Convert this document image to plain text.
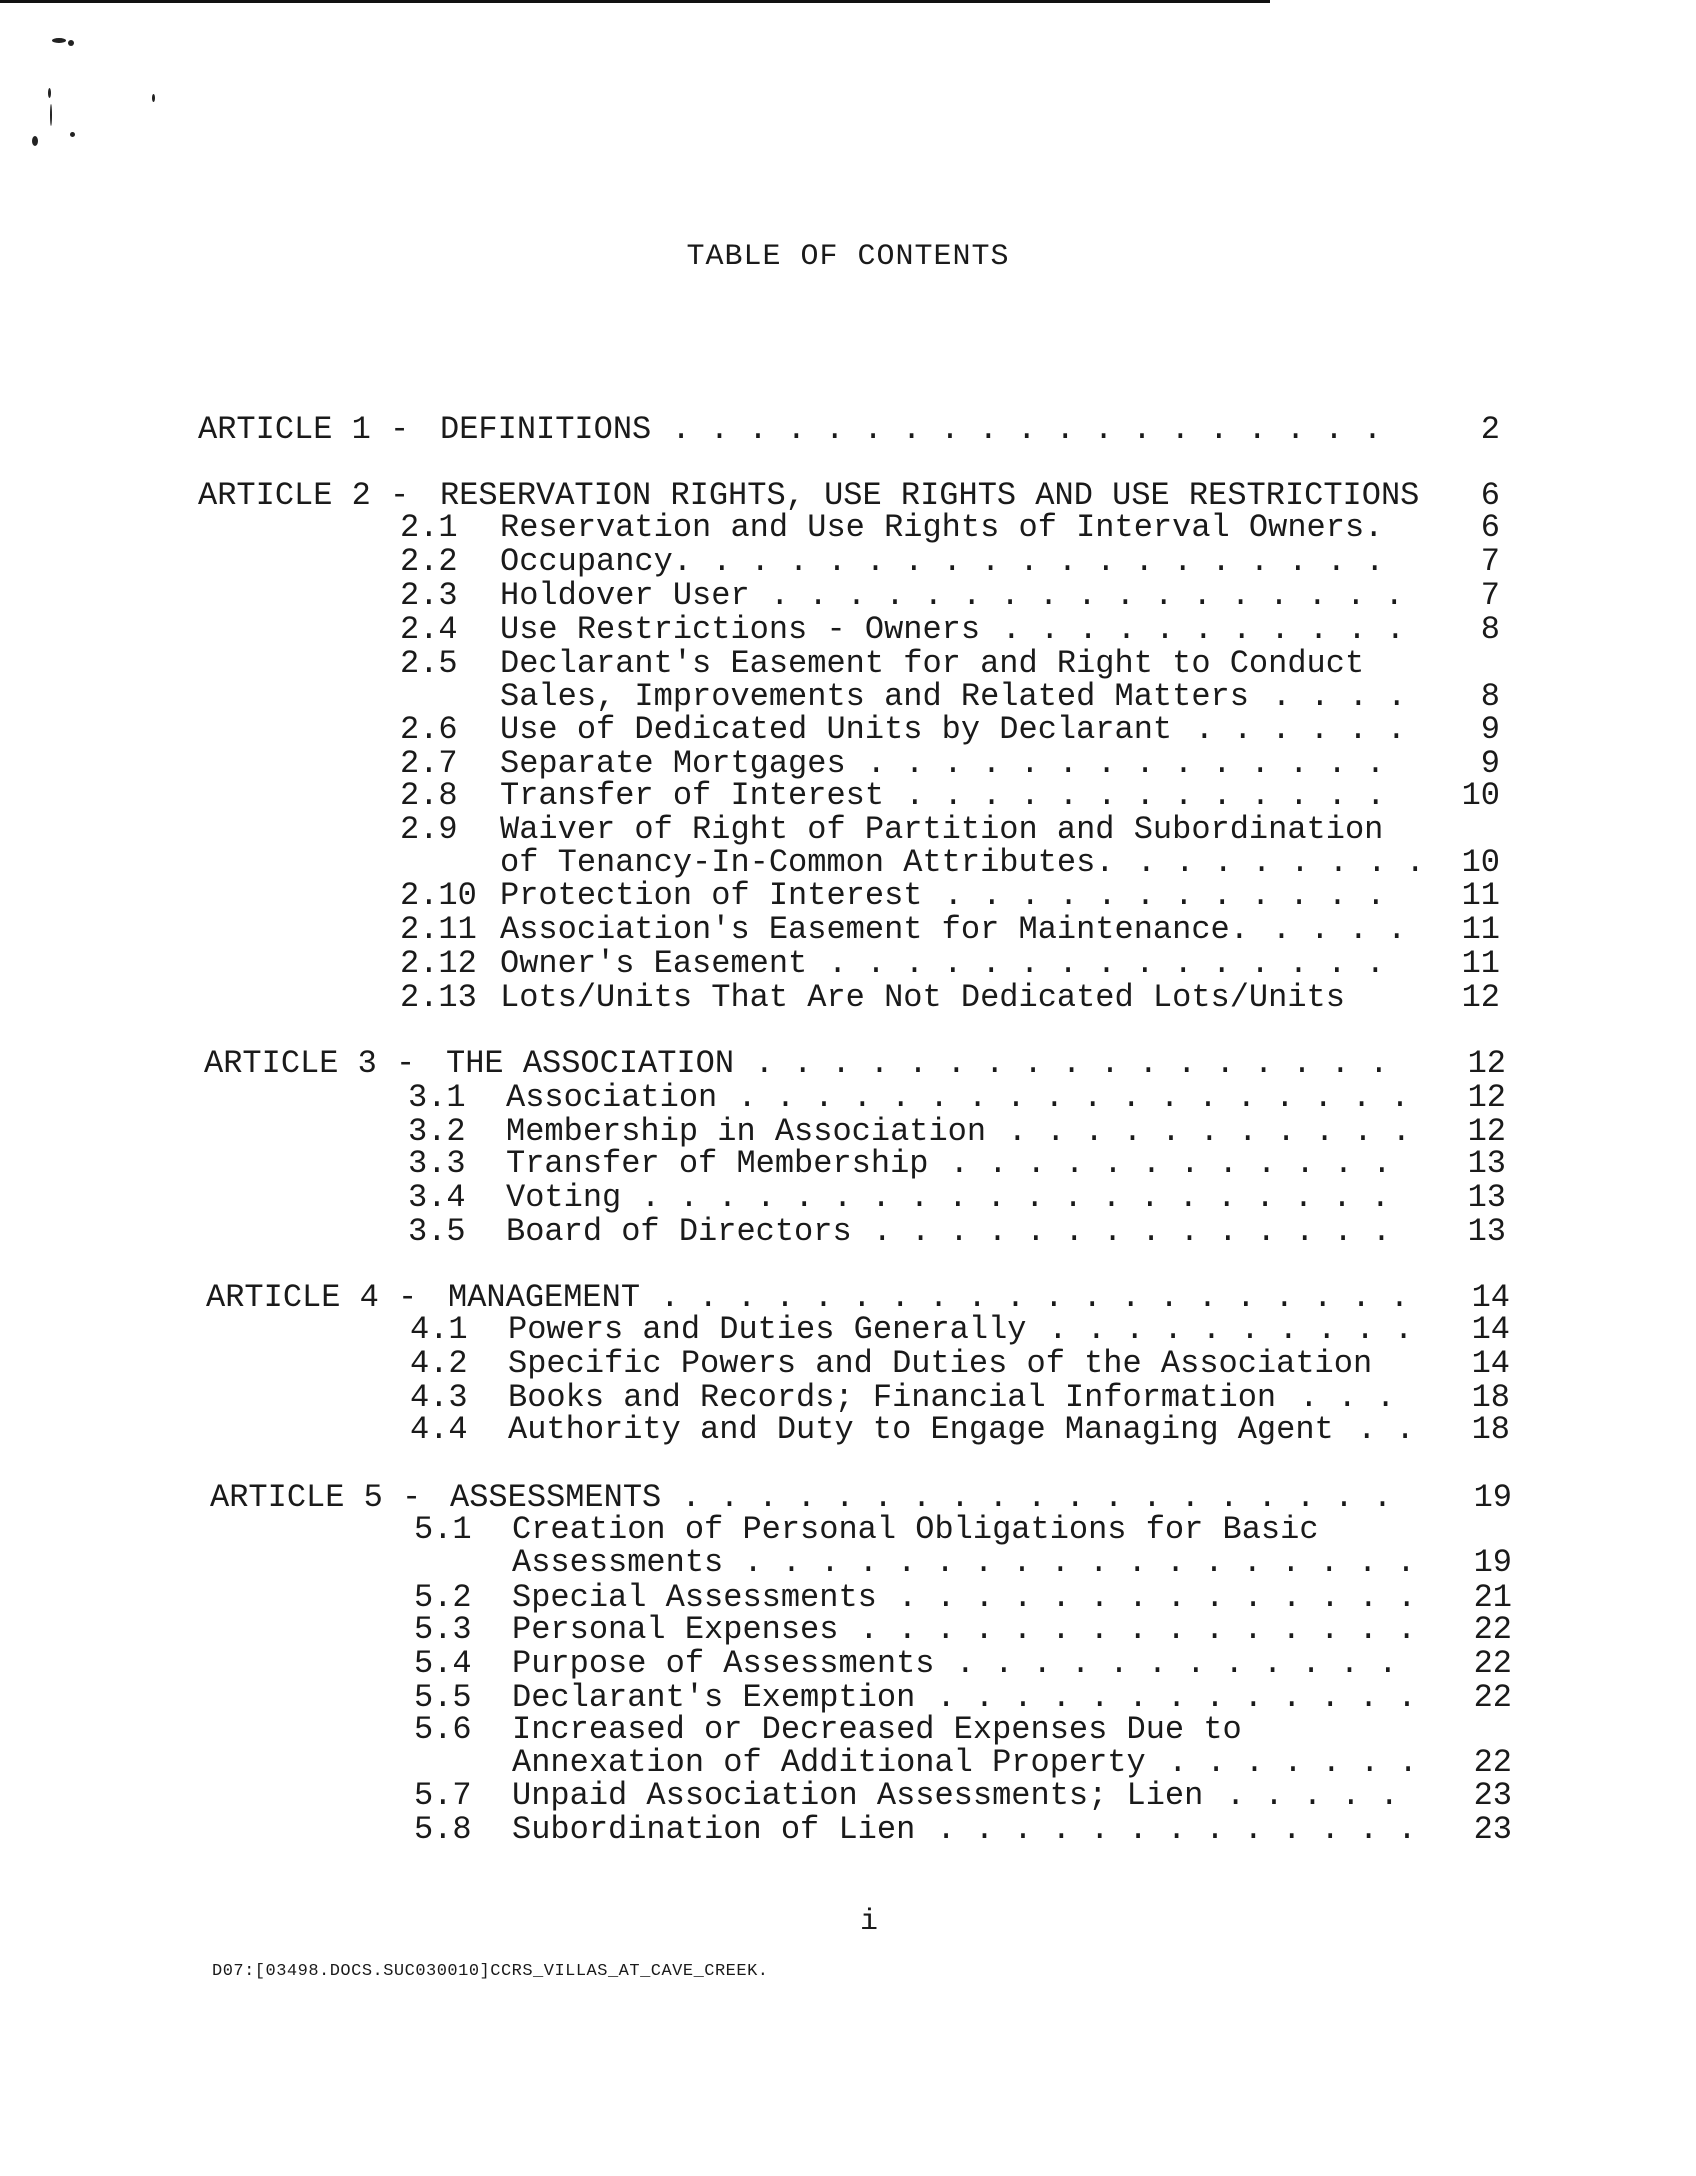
TABLE OF CONTENTS
ARTICLE 1 - DEFINITIONS . . . . . . . . . . . . . . . . . . .	2
ARTICLE 2 - RESERVATION RIGHTS, USE RIGHTS AND USE RESTRICTIONS	6
2.1 Reservation and Use Rights of Interval Owners.	6
2.2 Occupancy. . . . . . . . . . . . . . . . . . .	7
2.3 Holdover User . . . . . . . . . . . . . . . . .	7
2.4 Use Restrictions - Owners . . . . . . . . . . .	8
2.5 Declarant's Easement for and Right to Conduct
Sales, Improvements and Related Matters . . . .	8
2.6 Use of Dedicated Units by Declarant . . . . . .	9
2.7 Separate Mortgages . . . . . . . . . . . . . .	9
2.8 Transfer of Interest . . . . . . . . . . . . .	10
2.9 Waiver of Right of Partition and Subordination
of Tenancy-In-Common Attributes. . . . . . . . .	10
2.10 Protection of Interest . . . . . . . . . . . .	11
2.11 Association's Easement for Maintenance. . . . .	11
2.12 Owner's Easement . . . . . . . . . . . . . . .	11
2.13 Lots/Units That Are Not Dedicated Lots/Units	12
ARTICLE 3 - THE ASSOCIATION . . . . . . . . . . . . . . . . .	12
3.1 Association . . . . . . . . . . . . . . . . . .	12
3.2 Membership in Association . . . . . . . . . . .	12
3.3 Transfer of Membership . . . . . . . . . . . .	13
3.4 Voting . . . . . . . . . . . . . . . . . . . .	13
3.5 Board of Directors . . . . . . . . . . . . . .	13
ARTICLE 4 - MANAGEMENT . . . . . . . . . . . . . . . . . . . .	14
4.1 Powers and Duties Generally . . . . . . . . . .	14
4.2 Specific Powers and Duties of the Association	14
4.3 Books and Records; Financial Information . . .	18
4.4 Authority and Duty to Engage Managing Agent . .	18
ARTICLE 5 - ASSESSMENTS . . . . . . . . . . . . . . . . . . .	19
5.1 Creation of Personal Obligations for Basic
Assessments . . . . . . . . . . . . . . . . . .	19
5.2 Special Assessments . . . . . . . . . . . . . .	21
5.3 Personal Expenses . . . . . . . . . . . . . . .	22
5.4 Purpose of Assessments . . . . . . . . . . . .	22
5.5 Declarant's Exemption . . . . . . . . . . . . .	22
5.6 Increased or Decreased Expenses Due to
Annexation of Additional Property . . . . . . .	22
5.7 Unpaid Association Assessments; Lien . . . . .	23
5.8 Subordination of Lien . . . . . . . . . . . . .	23
i
D07:[03498.DOCS.SUC030010]CCRS_VILLAS_AT_CAVE_CREEK.
